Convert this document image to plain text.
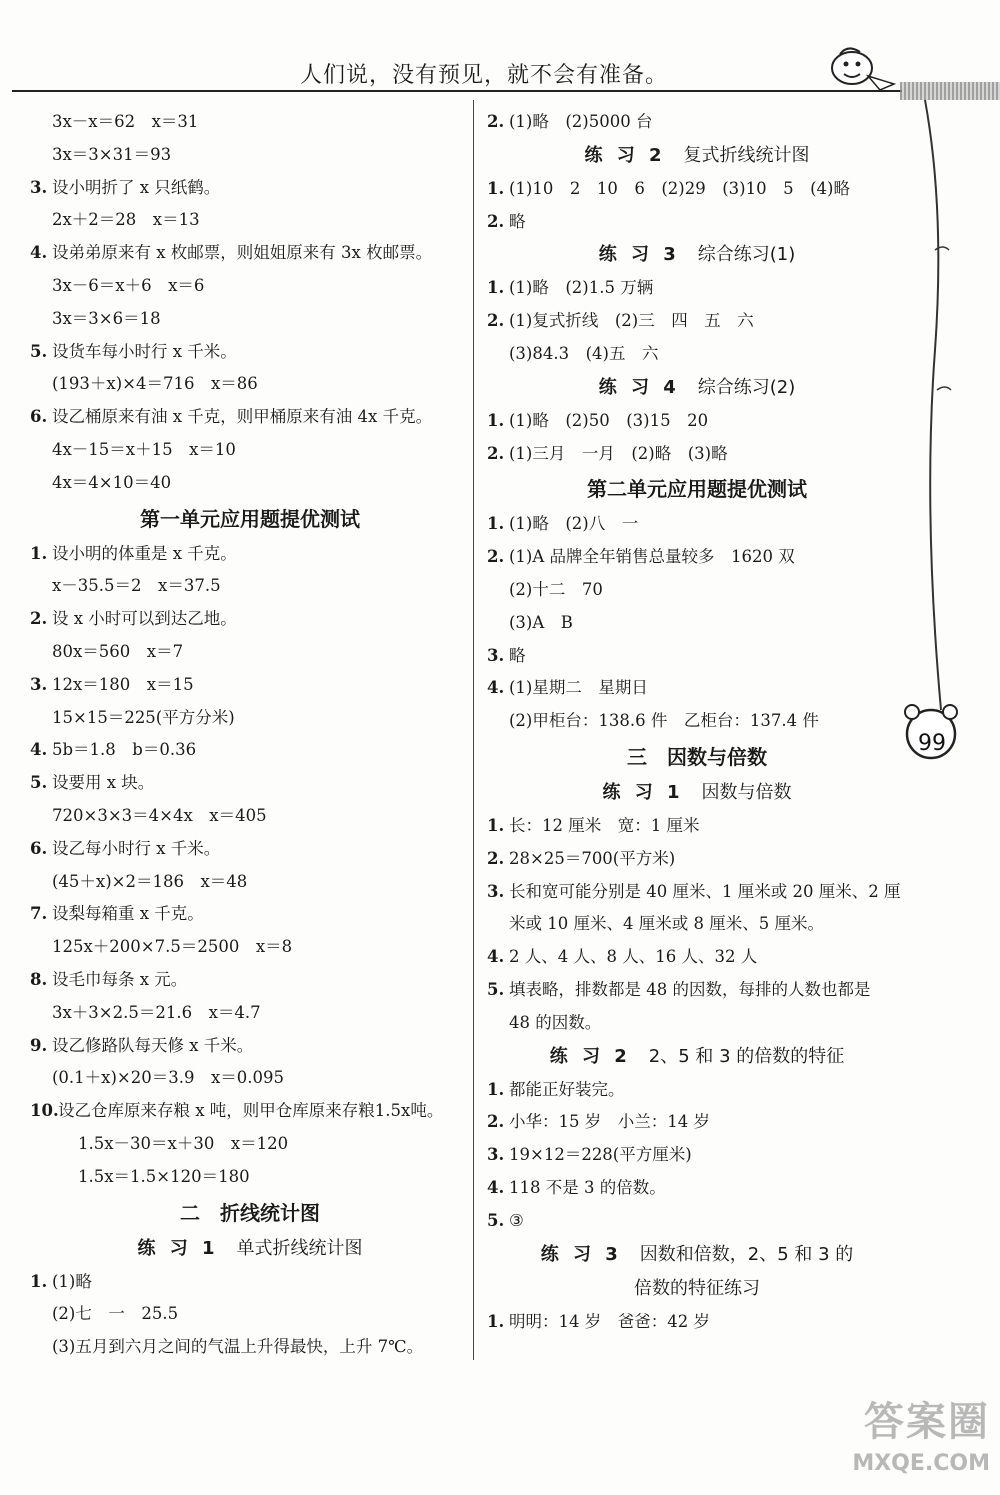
人们说，没有预见，就不会有准备。
99
3x－x＝62　x＝31
3x＝3×31＝93
3. 设小明折了 x 只纸鹤。
2x＋2＝28　x＝13
4. 设弟弟原来有 x 枚邮票，则姐姐原来有 3x 枚邮票。
3x－6＝x＋6　x＝6
3x＝3×6＝18
5. 设货车每小时行 x 千米。
(193＋x)×4＝716　x＝86
6. 设乙桶原来有油 x 千克，则甲桶原来有油 4x 千克。
4x－15＝x＋15　x＝10
4x＝4×10＝40
第一单元应用题提优测试
1. 设小明的体重是 x 千克。
x－35.5＝2　x＝37.5
2. 设 x 小时可以到达乙地。
80x＝560　x＝7
3. 12x＝180　x＝15
15×15＝225(平方分米)
4. 5b＝1.8　b＝0.36
5. 设要用 x 块。
720×3×3＝4×4x　x＝405
6. 设乙每小时行 x 千米。
(45＋x)×2＝186　x＝48
7. 设梨每箱重 x 千克。
125x＋200×7.5＝2500　x＝8
8. 设毛巾每条 x 元。
3x＋3×2.5＝21.6　x＝4.7
9. 设乙修路队每天修 x 千米。
(0.1＋x)×20＝3.9　x＝0.095
10.设乙仓库原来存粮 x 吨，则甲仓库原来存粮1.5x吨。
1.5x－30＝x＋30　x＝120
1.5x＝1.5×120＝180
二　折线统计图
练 习 1　 单式折线统计图
1. (1)略
(2)七　一　25.5
(3)五月到六月之间的气温上升得最快，上升 7℃。
2. (1)略　(2)5000 台
练 习 2　 复式折线统计图
1. (1)10　2　10　6　(2)29　(3)10　5　(4)略
2. 略
练 习 3　 综合练习(1)
1. (1)略　(2)1.5 万辆
2. (1)复式折线　(2)三　四　五　六
(3)84.3　(4)五　六
练 习 4　 综合练习(2)
1. (1)略　(2)50　(3)15　20
2. (1)三月　一月　(2)略　(3)略
第二单元应用题提优测试
1. (1)略　(2)八　一
2. (1)A 品牌全年销售总量较多　1620 双
(2)十二　70
(3)A　B
3. 略
4. (1)星期二　星期日
(2)甲柜台：138.6 件　乙柜台：137.4 件
三　因数与倍数
练 习 1　 因数与倍数
1. 长：12 厘米　宽：1 厘米
2. 28×25＝700(平方米)
3. 长和宽可能分别是 40 厘米、1 厘米或 20 厘米、2 厘
米或 10 厘米、4 厘米或 8 厘米、5 厘米。
4. 2 人、4 人、8 人、16 人、32 人
5. 填表略，排数都是 48 的因数，每排的人数也都是
48 的因数。
练 习 2　 2、5 和 3 的倍数的特征
1. 都能正好装完。
2. 小华：15 岁　小兰：14 岁
3. 19×12＝228(平方厘米)
4. 118 不是 3 的倍数。
5. ③
练 习 3　 因数和倍数，2、5 和 3 的
倍数的特征练习
1. 明明：14 岁　爸爸：42 岁
答案圈
MXQE.COM
